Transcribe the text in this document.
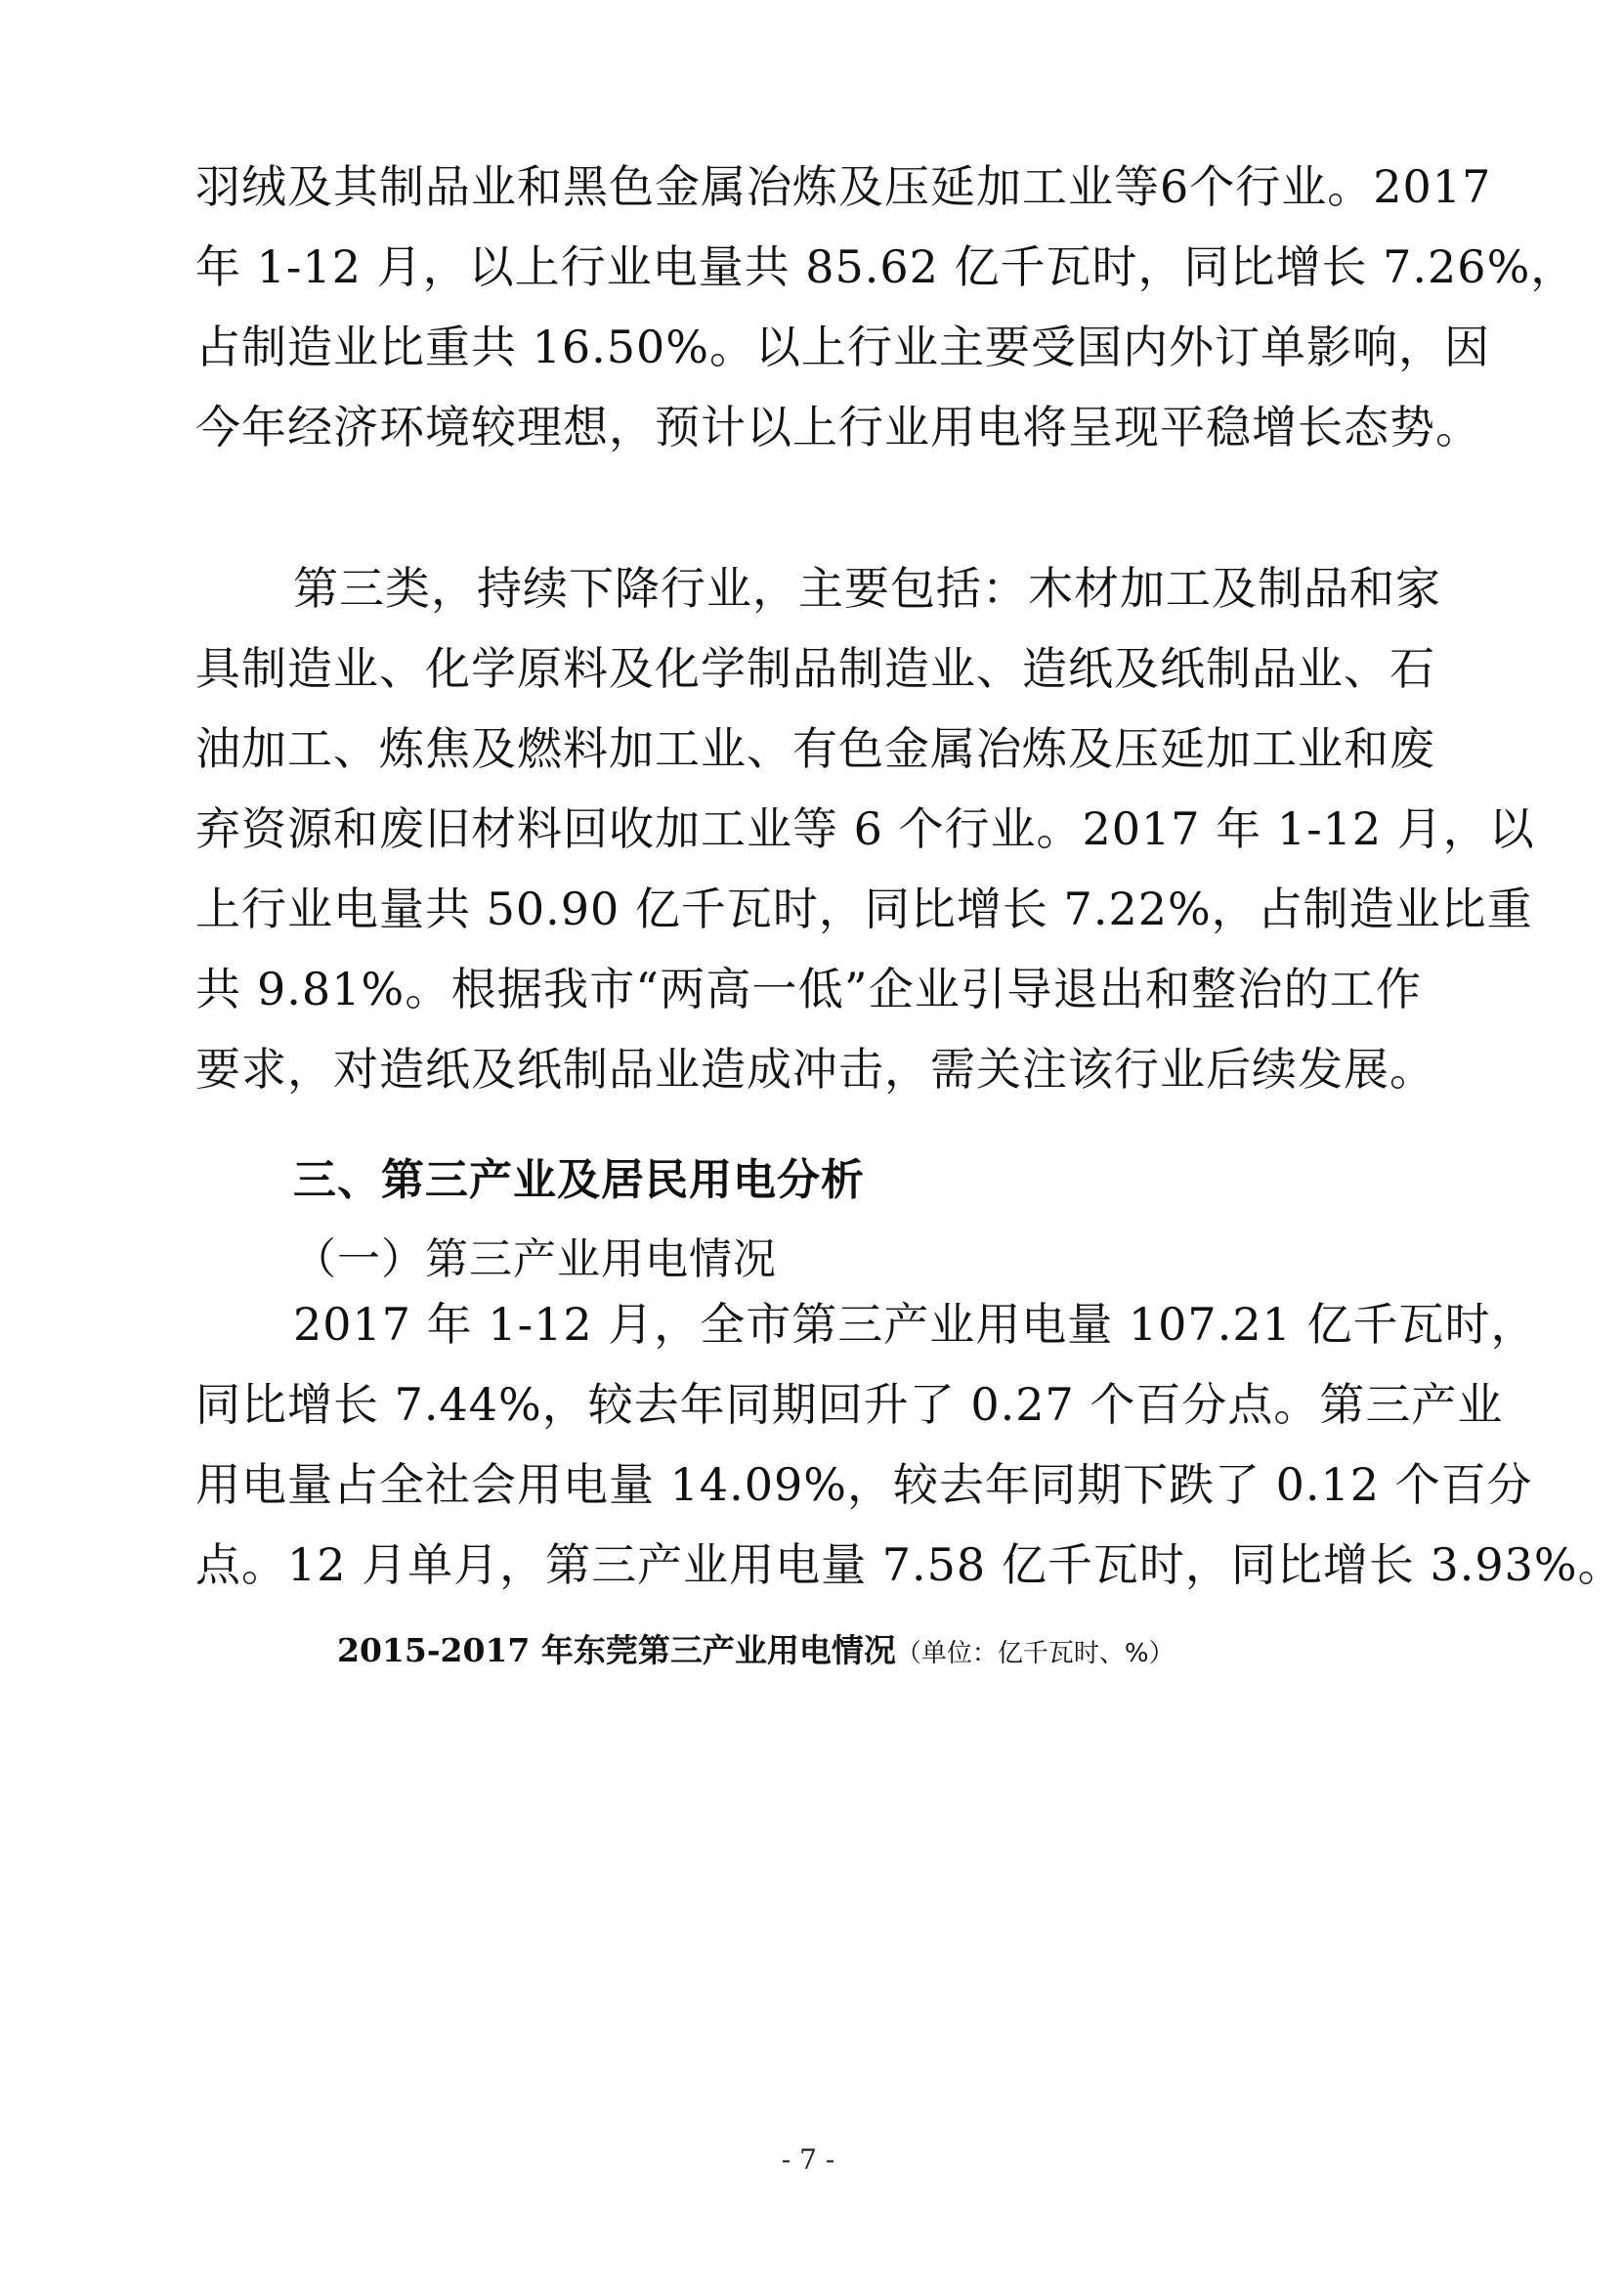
羽绒及其制品业和黑色金属冶炼及压延加工业等6个行业。2017
年 1-12 月，以上行业电量共 85.62 亿千瓦时，同比增长 7.26%，
占制造业比重共 16.50%。以上行业主要受国内外订单影响，因
今年经济环境较理想，预计以上行业用电将呈现平稳增长态势。
第三类，持续下降行业，主要包括：木材加工及制品和家
具制造业、化学原料及化学制品制造业、造纸及纸制品业、石
油加工、炼焦及燃料加工业、有色金属冶炼及压延加工业和废
弃资源和废旧材料回收加工业等 6 个行业。2017 年 1-12 月，以
上行业电量共 50.90 亿千瓦时，同比增长 7.22%，占制造业比重
共 9.81%。根据我市“两高一低”企业引导退出和整治的工作
要求，对造纸及纸制品业造成冲击，需关注该行业后续发展。
三、第三产业及居民用电分析
（一）第三产业用电情况
2017 年 1-12 月，全市第三产业用电量 107.21 亿千瓦时，
同比增长 7.44%，较去年同期回升了 0.27 个百分点。第三产业
用电量占全社会用电量 14.09%，较去年同期下跌了 0.12 个百分
点。12 月单月，第三产业用电量 7.58 亿千瓦时，同比增长 3.93%。
2015-2017 年东莞第三产业用电情况（单位：亿千瓦时、%）
- 7 -
